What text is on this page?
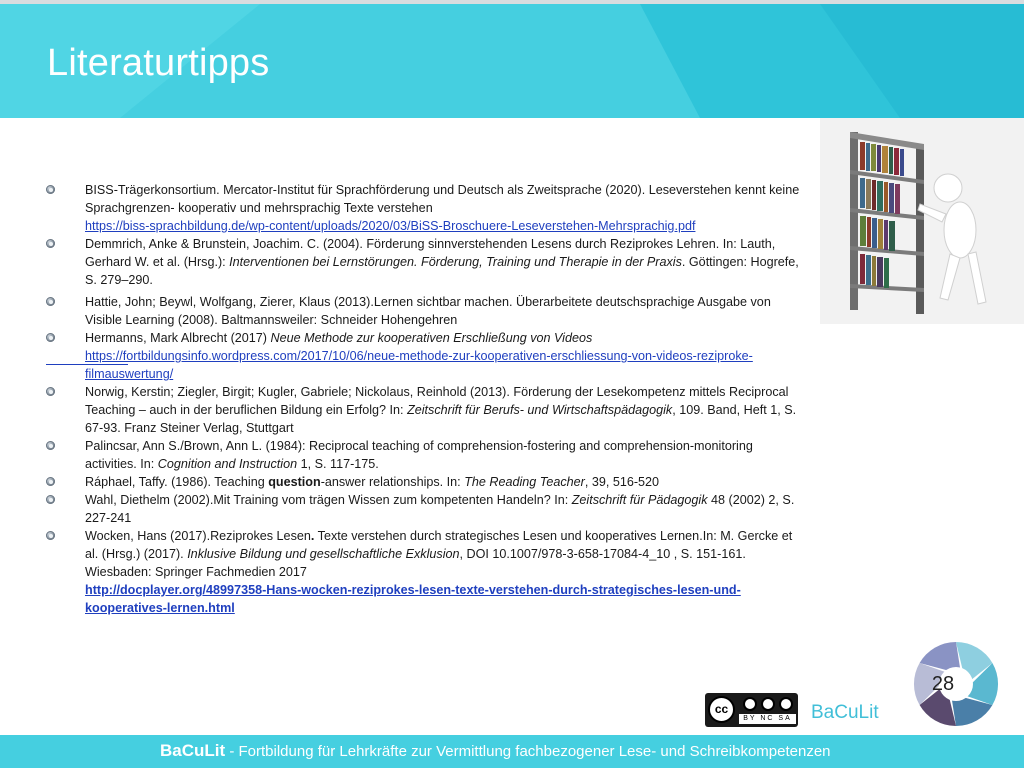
Literaturtipps
BISS-Trägerkonsortium. Mercator-Institut für Sprachförderung und Deutsch als Zweitsprache (2020). Leseverstehen kennt keine Sprachgrenzen- kooperativ und mehrsprachig Texte verstehen
https://biss-sprachbildung.de/wp-content/uploads/2020/03/BiSS-Broschuere-Leseverstehen-Mehrsprachig.pdf
Demmrich, Anke & Brunstein, Joachim. C. (2004). Förderung sinnverstehenden Lesens durch Reziprokes Lehren. In: Lauth, Gerhard W. et al. (Hrsg.): Interventionen bei Lernstörungen. Förderung, Training und Therapie in der Praxis. Göttingen: Hogrefe, S. 279–290.
Hattie, John; Beywl, Wolfgang, Zierer, Klaus (2013).Lernen sichtbar machen. Überarbeitete deutschsprachige Ausgabe von Visible Learning (2008). Baltmannsweiler: Schneider Hohengehren
Hermanns, Mark Albrecht (2017) Neue Methode zur kooperativen Erschließung von Videos
https://fortbildungsinfo.wordpress.com/2017/10/06/neue-methode-zur-kooperativen-erschliessung-von-videos-reziproke-filmauswertung/
Norwig, Kerstin; Ziegler, Birgit; Kugler, Gabriele; Nickolaus, Reinhold (2013). Förderung der Lesekompetenz mittels Reciprocal Teaching – auch in der beruflichen Bildung ein Erfolg? In: Zeitschrift für Berufs- und Wirtschaftspädagogik, 109. Band, Heft 1, S. 67-93. Franz Steiner Verlag, Stuttgart
Palincsar, Ann S./Brown, Ann L. (1984): Reciprocal teaching of comprehension-fostering and comprehension-monitoring activities. In: Cognition and Instruction 1, S. 117-175.
Ráphael, Taffy. (1986). Teaching question-answer relationships. In: The Reading Teacher, 39, 516-520
Wahl, Diethelm (2002).Mit Training vom trägen Wissen zum kompetenten Handeln? In: Zeitschrift für Pädagogik 48 (2002) 2, S. 227-241
Wocken, Hans (2017).Reziprokes Lesen. Texte verstehen durch strategisches Lesen und kooperatives Lernen.In: M. Gercke et al. (Hrsg.) (2017). Inklusive Bildung und gesellschaftliche Exklusion, DOI 10.1007/978-3-658-17084-4_10 , S. 151-161. Wiesbaden: Springer Fachmedien 2017
http://docplayer.org/48997358-Hans-wocken-reziprokes-lesen-texte-verstehen-durch-strategisches-lesen-und-kooperatives-lernen.html
cc
BY NC SA BaCuLit
28
BaCuLit - Fortbildung für Lehrkräfte zur Vermittlung fachbezogener Lese- und Schreibkompetenzen
